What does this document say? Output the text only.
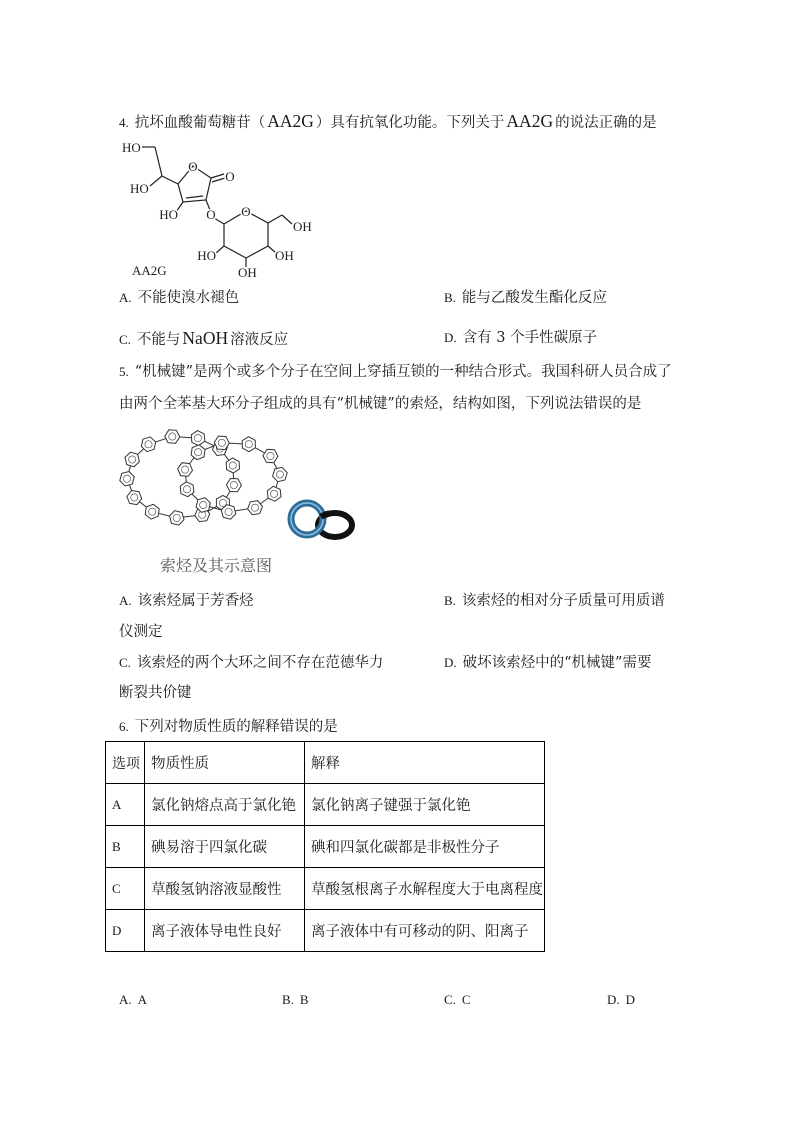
4. 抗坏血酸葡萄糖苷（ AA2G ）具有抗氧化功能。下列关于 AA2G 的说法正确的是
HO
HO
O
O
HO O O
OH
HO	OH
OH
AA2G
A. 不能使溴水褪色	B. 能与乙酸发生酯化反应
C. 不能与 NaOH 溶液反应	D. 含有 3 个手性碳原子
5. “机械键”是两个或多个分子在空间上穿插互锁的一种结合形式。我国科研人员合成了
由两个全苯基大环分子组成的具有“机械键”的索烃，结构如图，下列说法错误的是
索烃及其示意图
A. 该索烃属于芳香烃	B. 该索烃的相对分子质量可用质谱
仪测定
C. 该索烃的两个大环之间不存在范德华力	D. 破坏该索烃中的“机械键”需要
断裂共价键
6. 下列对物质性质的解释错误的是
选项	物质性质	解释
A	氯化钠熔点高于氯化铯	氯化钠离子键强于氯化铯
B	碘易溶于四氯化碳	碘和四氯化碳都是非极性分子
C	草酸氢钠溶液显酸性	草酸氢根离子水解程度大于电离程度
D	离子液体导电性良好	离子液体中有可移动的阴、阳离子
A. A	B. B	C. C	D. D
